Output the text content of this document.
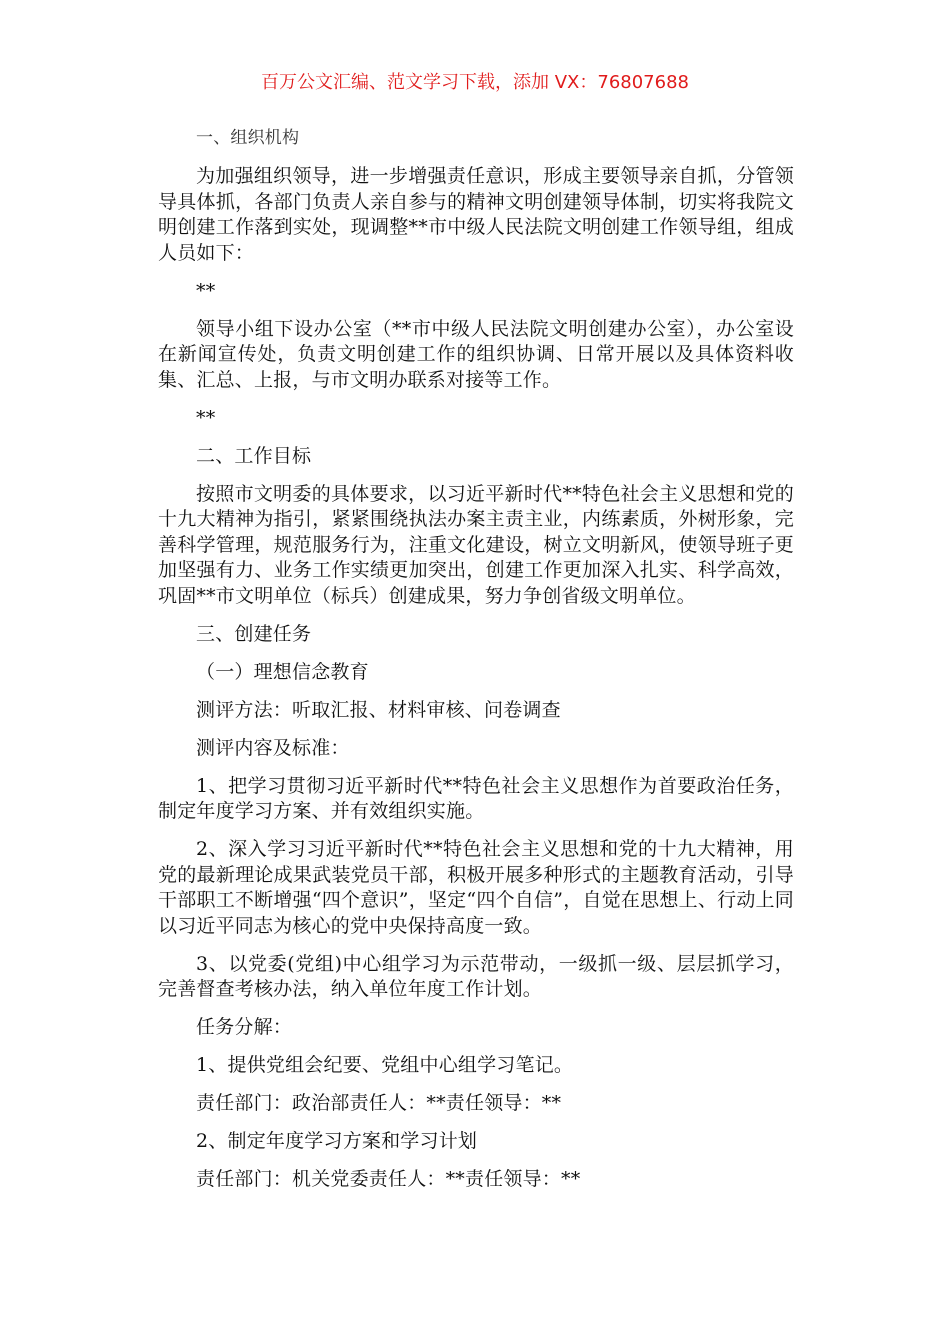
百万公文汇编、范文学习下载，添加 VX：76807688

一、组织机构

为加强组织领导，进一步增强责任意识，形成主要领导亲自抓，分管领导具体抓，各部门负责人亲自参与的精神文明创建领导体制，切实将我院文明创建工作落到实处，现调整**市中级人民法院文明创建工作领导组，组成人员如下：

**

领导小组下设办公室（**市中级人民法院文明创建办公室），办公室设在新闻宣传处，负责文明创建工作的组织协调、日常开展以及具体资料收集、汇总、上报，与市文明办联系对接等工作。

**

二、工作目标

按照市文明委的具体要求，以习近平新时代**特色社会主义思想和党的十九大精神为指引，紧紧围绕执法办案主责主业，内练素质，外树形象，完善科学管理，规范服务行为，注重文化建设，树立文明新风，使领导班子更加坚强有力、业务工作实绩更加突出，创建工作更加深入扎实、科学高效，巩固**市文明单位（标兵）创建成果，努力争创省级文明单位。

三、创建任务

（一）理想信念教育

测评方法：听取汇报、材料审核、问卷调查

测评内容及标准：

1、把学习贯彻习近平新时代**特色社会主义思想作为首要政治任务，制定年度学习方案、并有效组织实施。

2、深入学习习近平新时代**特色社会主义思想和党的十九大精神，用党的最新理论成果武装党员干部，积极开展多种形式的主题教育活动，引导干部职工不断增强“四个意识”，坚定“四个自信”，自觉在思想上、行动上同以习近平同志为核心的党中央保持高度一致。

3、以党委(党组)中心组学习为示范带动，一级抓一级、层层抓学习，完善督查考核办法，纳入单位年度工作计划。

任务分解：

1、提供党组会纪要、党组中心组学习笔记。

责任部门：政治部责任人：**责任领导：**

2、制定年度学习方案和学习计划

责任部门：机关党委责任人：**责任领导：**
